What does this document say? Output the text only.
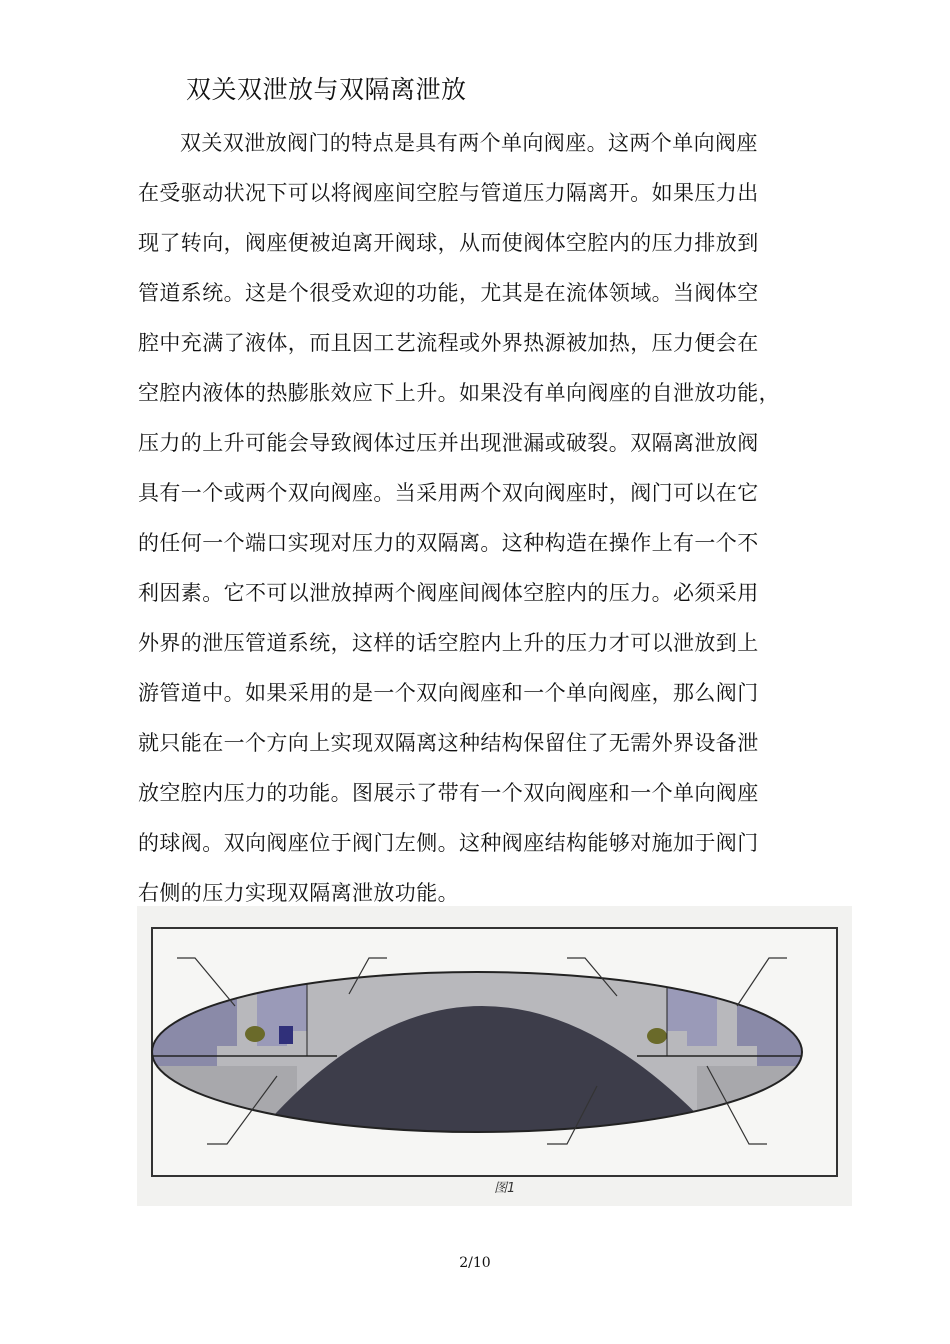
双关双泄放与双隔离泄放
双关双泄放阀门的特点是具有两个单向阀座。这两个单向阀座
在受驱动状况下可以将阀座间空腔与管道压力隔离开。如果压力出
现了转向，阀座便被迫离开阀球，从而使阀体空腔内的压力排放到
管道系统。这是个很受欢迎的功能，尤其是在流体领域。当阀体空
腔中充满了液体，而且因工艺流程或外界热源被加热，压力便会在
空腔内液体的热膨胀效应下上升。如果没有单向阀座的自泄放功能，
压力的上升可能会导致阀体过压并出现泄漏或破裂。双隔离泄放阀
具有一个或两个双向阀座。当采用两个双向阀座时，阀门可以在它
的任何一个端口实现对压力的双隔离。这种构造在操作上有一个不
利因素。它不可以泄放掉两个阀座间阀体空腔内的压力。必须采用
外界的泄压管道系统，这样的话空腔内上升的压力才可以泄放到上
游管道中。如果采用的是一个双向阀座和一个单向阀座，那么阀门
就只能在一个方向上实现双隔离这种结构保留住了无需外界设备泄
放空腔内压力的功能。图展示了带有一个双向阀座和一个单向阀座
的球阀。双向阀座位于阀门左侧。这种阀座结构能够对施加于阀门
右侧的压力实现双隔离泄放功能。
图1
2/10
